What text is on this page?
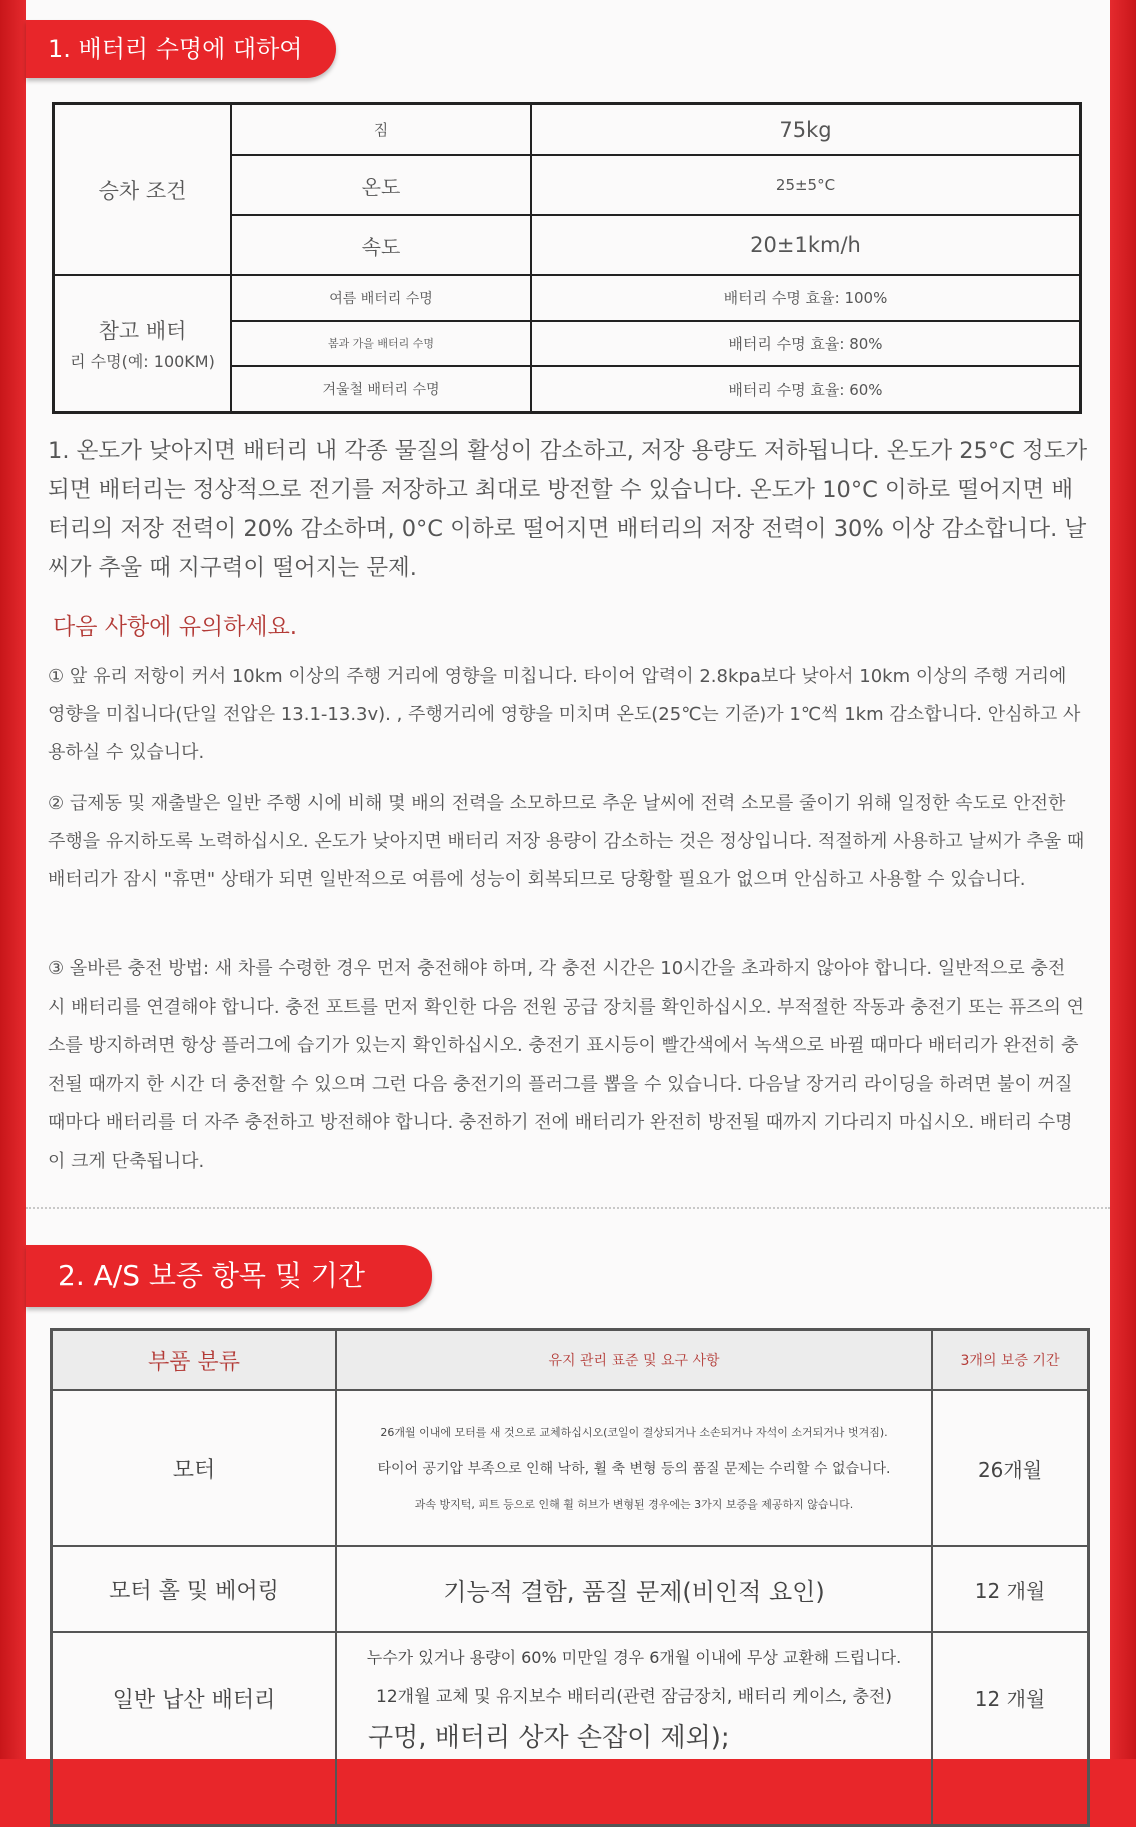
1. 배터리 수명에 대하여
승차 조건	짐	75kg
	온도	25±5°C
	속도	20±1km/h
참고 배터
리 수명(예: 100KM)	여름 배터리 수명	배터리 수명 효율: 100%
	봄과 가을 배터리 수명	배터리 수명 효율: 80%
	겨울철 배터리 수명	배터리 수명 효율: 60%
1. 온도가 낮아지면 배터리 내 각종 물질의 활성이 감소하고, 저장 용량도 저하됩니다. 온도가 25°C 정도가 되면 배터리는 정상적으로 전기를 저장하고 최대로 방전할 수 있습니다. 온도가 10°C 이하로 떨어지면 배터리의 저장 전력이 20% 감소하며, 0°C 이하로 떨어지면 배터리의 저장 전력이 30% 이상 감소합니다. 날씨가 추울 때 지구력이 떨어지는 문제.
다음 사항에 유의하세요.
① 앞 유리 저항이 커서 10km 이상의 주행 거리에 영향을 미칩니다. 타이어 압력이 2.8kpa보다 낮아서 10km 이상의 주행 거리에 영향을 미칩니다(단일 전압은 13.1-13.3v). , 주행거리에 영향을 미치며 온도(25℃는 기준)가 1℃씩 1km 감소합니다. 안심하고 사용하실 수 있습니다.
② 급제동 및 재출발은 일반 주행 시에 비해 몇 배의 전력을 소모하므로 추운 날씨에 전력 소모를 줄이기 위해 일정한 속도로 안전한 주행을 유지하도록 노력하십시오. 온도가 낮아지면 배터리 저장 용량이 감소하는 것은 정상입니다. 적절하게 사용하고 날씨가 추울 때 배터리가 잠시 "휴면" 상태가 되면 일반적으로 여름에 성능이 회복되므로 당황할 필요가 없으며 안심하고 사용할 수 있습니다.
③ 올바른 충전 방법: 새 차를 수령한 경우 먼저 충전해야 하며, 각 충전 시간은 10시간을 초과하지 않아야 합니다. 일반적으로 충전 시 배터리를 연결해야 합니다. 충전 포트를 먼저 확인한 다음 전원 공급 장치를 확인하십시오. 부적절한 작동과 충전기 또는 퓨즈의 연소를 방지하려면 항상 플러그에 습기가 있는지 확인하십시오. 충전기 표시등이 빨간색에서 녹색으로 바뀔 때마다 배터리가 완전히 충전될 때까지 한 시간 더 충전할 수 있으며 그런 다음 충전기의 플러그를 뽑을 수 있습니다. 다음날 장거리 라이딩을 하려면 불이 꺼질 때마다 배터리를 더 자주 충전하고 방전해야 합니다. 충전하기 전에 배터리가 완전히 방전될 때까지 기다리지 마십시오. 배터리 수명이 크게 단축됩니다.
2. A/S 보증 항목 및 기간
부품 분류	유지 관리 표준 및 요구 사항	3개의 보증 기간
모터	26개월 이내에 모터를 새 것으로 교체하십시오(코일이 결상되거나 소손되거나 자석이 소거되거나 벗겨짐).
타이어 공기압 부족으로 인해 낙하, 휠 축 변형 등의 품질 문제는 수리할 수 없습니다.
과속 방지턱, 피트 등으로 인해 휠 허브가 변형된 경우에는 3가지 보증을 제공하지 않습니다.	26개월
모터 홀 및 베어링	기능적 결함, 품질 문제(비인적 요인)	12 개월
일반 납산 배터리	누수가 있거나 용량이 60% 미만일 경우 6개월 이내에 무상 교환해 드립니다.
12개월 교체 및 유지보수 배터리(관련 잠금장치, 배터리 케이스, 충전)
구멍, 배터리 상자 손잡이 제외);	12 개월
